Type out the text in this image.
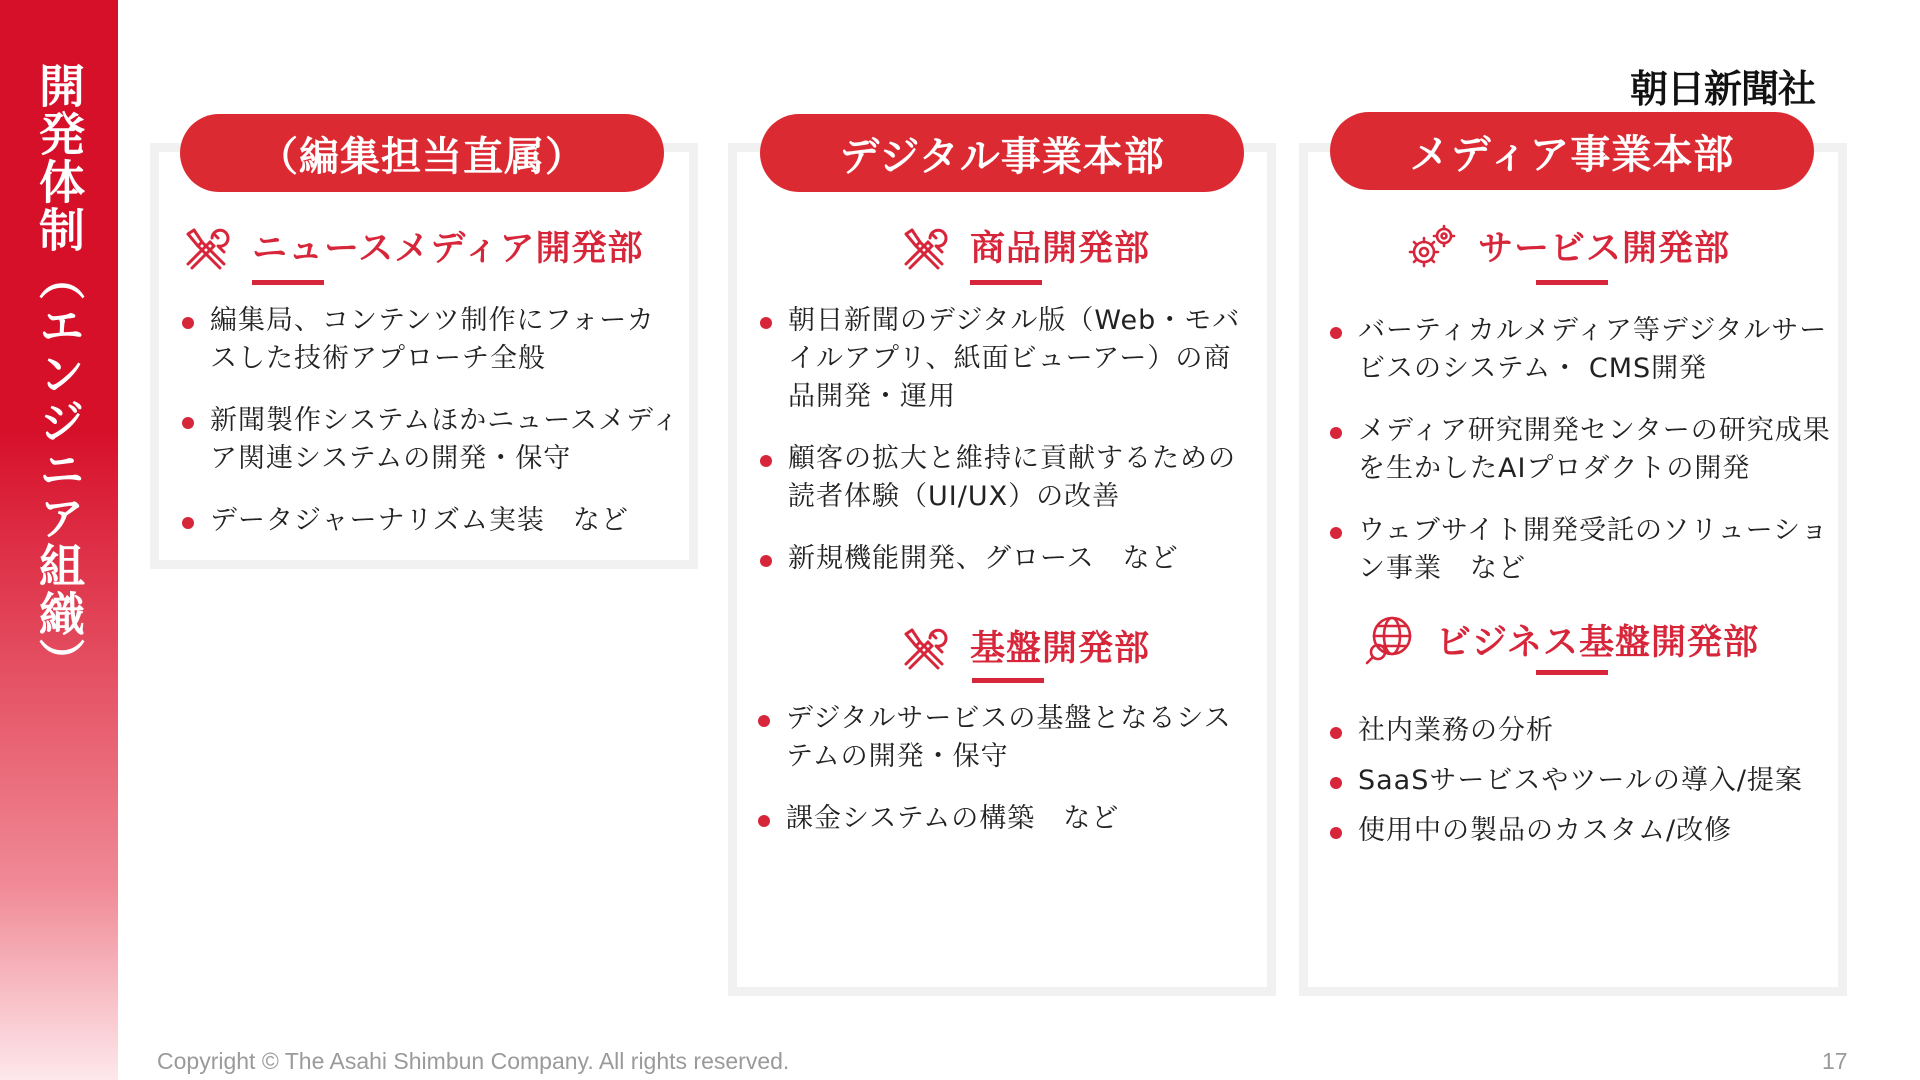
開発体制（エンジニア組織）	朝日新聞社
（編集担当直属）	デジタル事業本部	メディア事業本部
ニュースメディア開発部
編集局、コンテンツ制作にフォーカスした技術アプローチ全般
新聞製作システムほかニュースメディア関連システムの開発・保守
データジャーナリズム実装　など
商品開発部
朝日新聞のデジタル版（Web・モバイルアプリ、紙面ビューアー）の商品開発・運用
顧客の拡大と維持に貢献するための読者体験（UI/UX）の改善
新規機能開発、グロース　など
基盤開発部
デジタルサービスの基盤となるシステムの開発・保守
課金システムの構築　など
サービス開発部
バーティカルメディア等デジタルサービスのシステム・ CMS開発
メディア研究開発センターの研究成果を生かしたAIプロダクトの開発
ウェブサイト開発受託のソリューション事業　など
ビジネス基盤開発部
社内業務の分析
SaaSサービスやツールの導入/提案
使用中の製品のカスタム/改修
Copyright © The Asahi Shimbun Company. All rights reserved.	17
